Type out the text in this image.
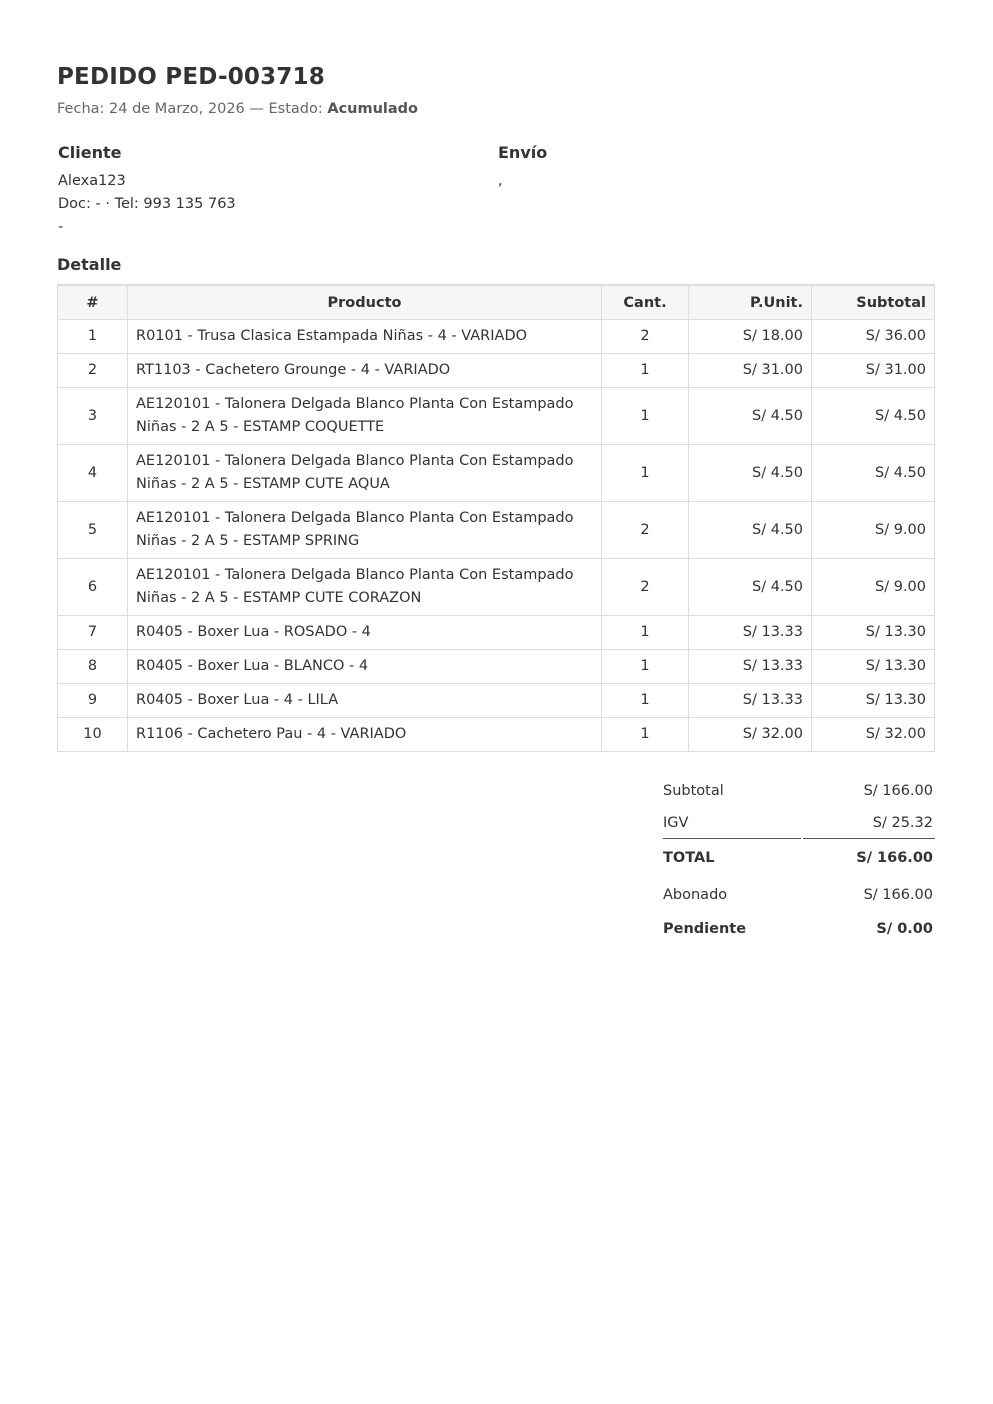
PEDIDO PED-003718
Fecha: 24 de Marzo, 2026 — Estado: Acumulado
Cliente
Alexa123
Doc: - · Tel: 993 135 763
-
Envío
,
Detalle
#	Producto	Cant.	P.Unit.	Subtotal
1	R0101 - Trusa Clasica Estampada Niñas - 4 - VARIADO	2	S/ 18.00	S/ 36.00
2	RT1103 - Cachetero Grounge - 4 - VARIADO	1	S/ 31.00	S/ 31.00
3	AE120101 - Talonera Delgada Blanco Planta Con Estampado Niñas - 2 A 5 - ESTAMP COQUETTE	1	S/ 4.50	S/ 4.50
4	AE120101 - Talonera Delgada Blanco Planta Con Estampado Niñas - 2 A 5 - ESTAMP CUTE AQUA	1	S/ 4.50	S/ 4.50
5	AE120101 - Talonera Delgada Blanco Planta Con Estampado Niñas - 2 A 5 - ESTAMP SPRING	2	S/ 4.50	S/ 9.00
6	AE120101 - Talonera Delgada Blanco Planta Con Estampado Niñas - 2 A 5 - ESTAMP CUTE CORAZON	2	S/ 4.50	S/ 9.00
7	R0405 - Boxer Lua - ROSADO - 4	1	S/ 13.33	S/ 13.30
8	R0405 - Boxer Lua - BLANCO - 4	1	S/ 13.33	S/ 13.30
9	R0405 - Boxer Lua - 4 - LILA	1	S/ 13.33	S/ 13.30
10	R1106 - Cachetero Pau - 4 - VARIADO	1	S/ 32.00	S/ 32.00
Subtotal	S/ 166.00
IGV	S/ 25.32
TOTAL	S/ 166.00
Abonado	S/ 166.00
Pendiente	S/ 0.00
